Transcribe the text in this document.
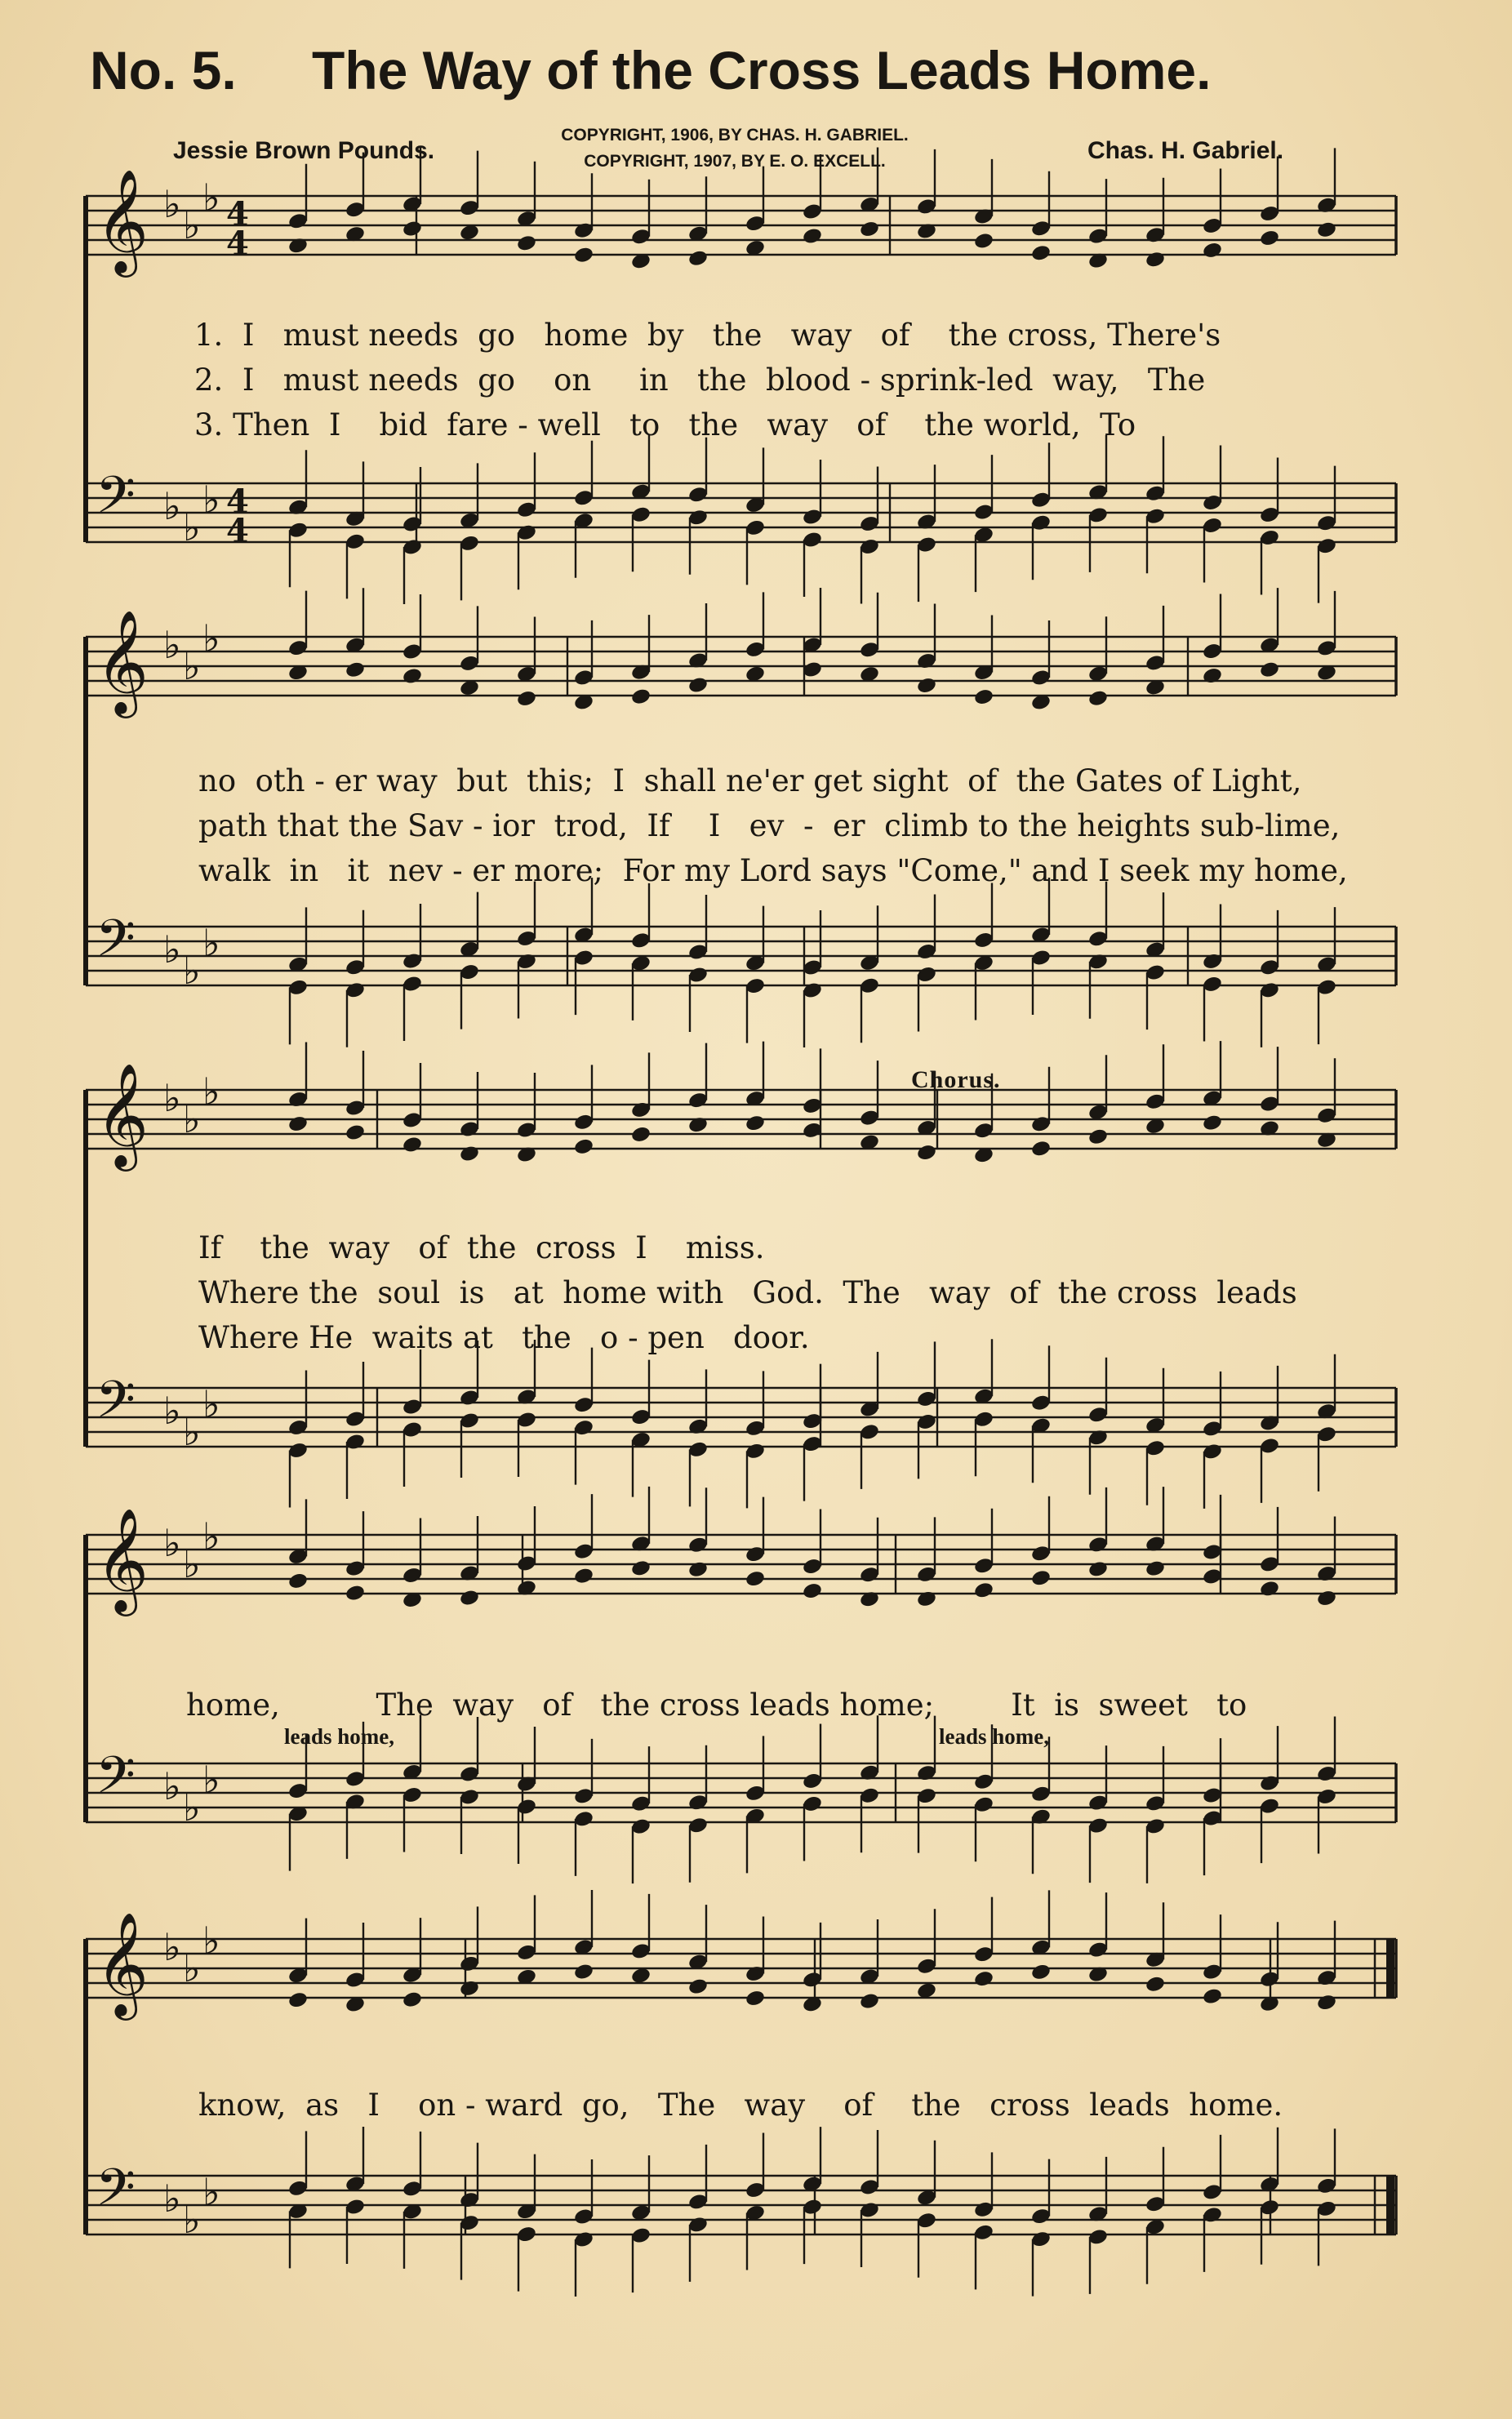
No. 5. The Way of the Cross Leads Home.
Jessie Brown Pounds.
COPYRIGHT, 1906, BY CHAS. H. GABRIEL.
COPYRIGHT, 1907, BY E. O. EXCELL.	Chas. H. Gabriel.
𝄞 ♭ ♭
♭ 4
4
𝄢 ♭ ♭
♭ 4
4
𝄞 ♭ ♭
♭
𝄢 ♭ ♭
♭
𝄞 ♭ ♭
♭
𝄢 ♭ ♭
♭
𝄞 ♭ ♭
♭
𝄢 ♭ ♭
♭
𝄞 ♭ ♭
♭
𝄢 ♭ ♭
♭
1.  I   must needs  go   home  by   the   way   of    the cross, There's
2.  I   must needs  go    on     in   the  blood - sprink-led  way,   The
3. Then  I    bid  fare - well   to   the   way   of    the world,  To
no  oth - er way  but  this;  I  shall ne'er get sight  of  the Gates of Light,
path that the Sav - ior  trod,  If    I   ev  -  er  climb to the heights sub-lime,
walk  in   it  nev - er more;  For my Lord says "Come," and I seek my home,
Chorus.
If    the  way   of  the  cross  I    miss.
Where the  soul  is   at  home with   God.  The   way  of  the cross  leads
Where He  waits at   the   o - pen   door.
home,          The  way   of   the cross leads home;        It  is  sweet   to
leads home,	leads home,
know,  as   I    on - ward  go,   The   way    of    the   cross  leads  home.
